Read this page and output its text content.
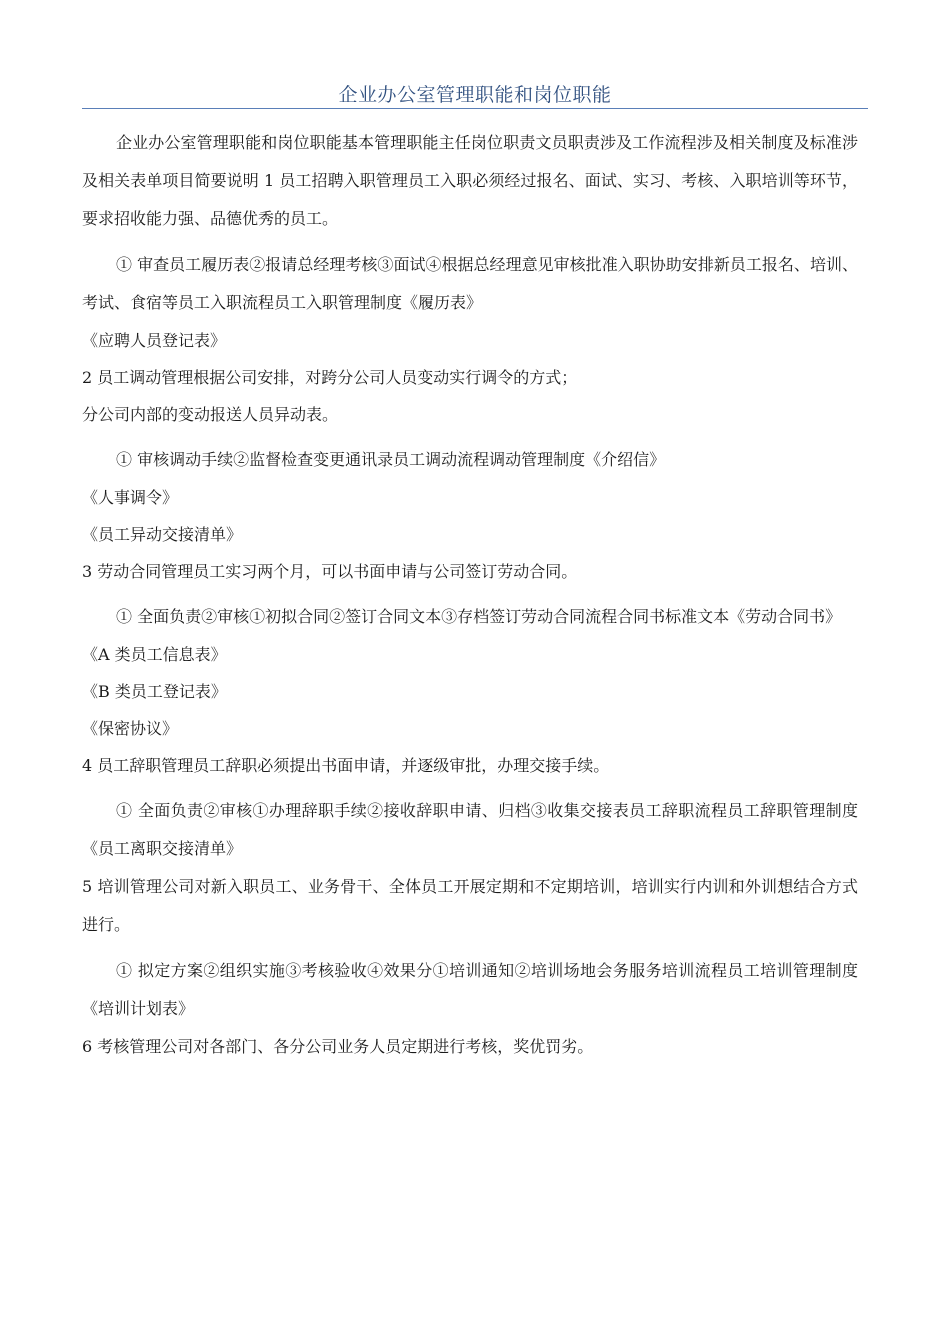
企业办公室管理职能和岗位职能

企业办公室管理职能和岗位职能基本管理职能主任岗位职责文员职责涉及工作流程涉及相关制度及标准涉及相关表单项目简要说明 1 员工招聘入职管理员工入职必须经过报名、面试、实习、考核、入职培训等环节，要求招收能力强、品德优秀的员工。

① 审查员工履历表②报请总经理考核③面试④根据总经理意见审核批准入职协助安排新员工报名、培训、考试、食宿等员工入职流程员工入职管理制度《履历表》

《应聘人员登记表》

2 员工调动管理根据公司安排，对跨分公司人员变动实行调令的方式；

分公司内部的变动报送人员异动表。

① 审核调动手续②监督检查变更通讯录员工调动流程调动管理制度《介绍信》

《人事调令》

《员工异动交接清单》

3 劳动合同管理员工实习两个月，可以书面申请与公司签订劳动合同。

① 全面负责②审核①初拟合同②签订合同文本③存档签订劳动合同流程合同书标准文本《劳动合同书》

《A 类员工信息表》

《B 类员工登记表》

《保密协议》

4 员工辞职管理员工辞职必须提出书面申请，并逐级审批，办理交接手续。

① 全面负责②审核①办理辞职手续②接收辞职申请、归档③收集交接表员工辞职流程员工辞职管理制度《员工离职交接清单》

5 培训管理公司对新入职员工、业务骨干、全体员工开展定期和不定期培训，培训实行内训和外训想结合方式进行。

① 拟定方案②组织实施③考核验收④效果分①培训通知②培训场地会务服务培训流程员工培训管理制度《培训计划表》

6 考核管理公司对各部门、各分公司业务人员定期进行考核，奖优罚劣。
